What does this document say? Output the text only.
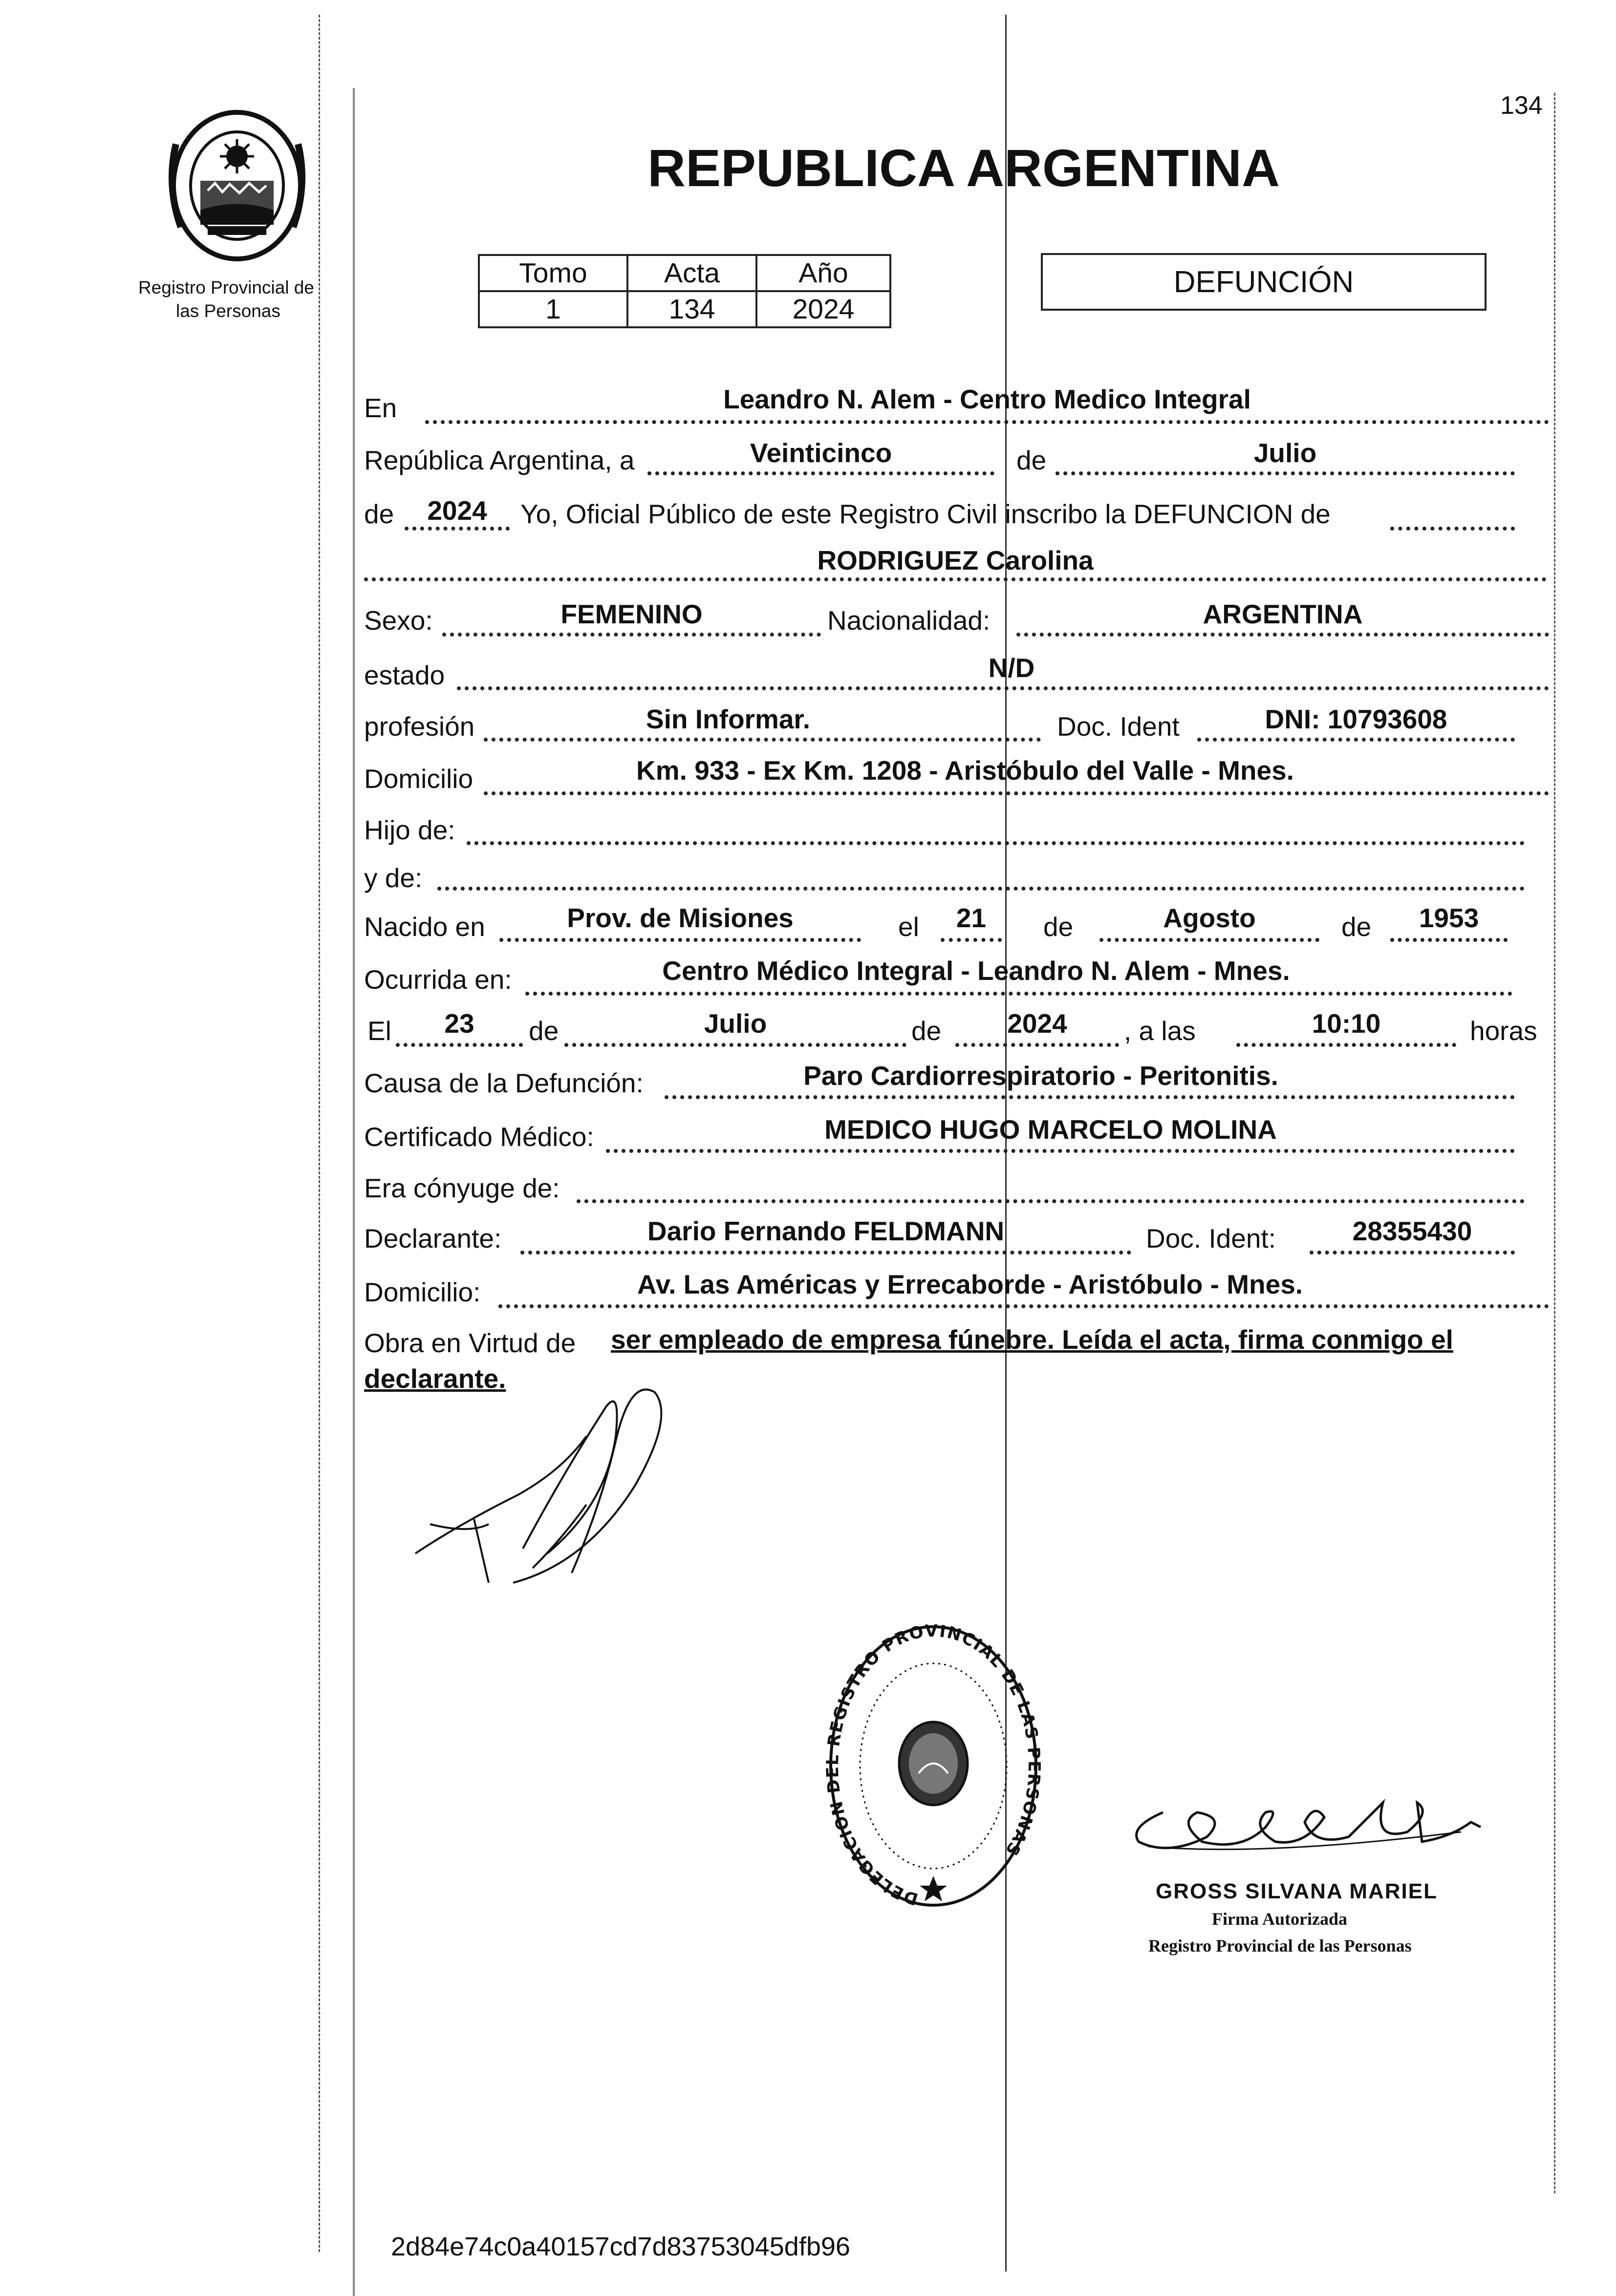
134
Registro Provincial de
las Personas
REPUBLICA ARGENTINA
Tomo	Acta	Año
1	134	2024
DEFUNCIÓN
En	Leandro N. Alem - Centro Medico Integral
República Argentina, a	Veinticinco	de	Julio
de	2024	Yo, Oficial Público de este Registro Civil inscribo la DEFUNCION de
RODRIGUEZ Carolina
Sexo:	FEMENINO	Nacionalidad:	ARGENTINA
estado	N/D
profesión	Sin Informar.	Doc. Ident	DNI: 10793608
Domicilio	Km. 933 - Ex Km. 1208 - Aristóbulo del Valle - Mnes.
Hijo de:
y de:
Nacido en	Prov. de Misiones	el	21	de	Agosto	de	1953
Ocurrida en:	Centro Médico Integral - Leandro N. Alem - Mnes.
El	23	de	Julio	de	2024	, a las	10:10	horas
Causa de la Defunción:	Paro Cardiorrespiratorio - Peritonitis.
Certificado Médico:	MEDICO HUGO MARCELO MOLINA
Era cónyuge de:
Declarante:	Dario Fernando FELDMANN	Doc. Ident:	28355430
Domicilio:	Av. Las Américas y Errecaborde - Aristóbulo - Mnes.
Obra en Virtud de ser empleado de empresa fúnebre. Leída el acta, firma conmigo el
declarante.
DELEGACION REGISTRO PROVINCIAL DE LAS SONAS
GROSS SILVANA MARIEL
Firma Autorizada
Registro Provincial de las Personas
2d84e74c0a40157cd7d83753045dfb96
